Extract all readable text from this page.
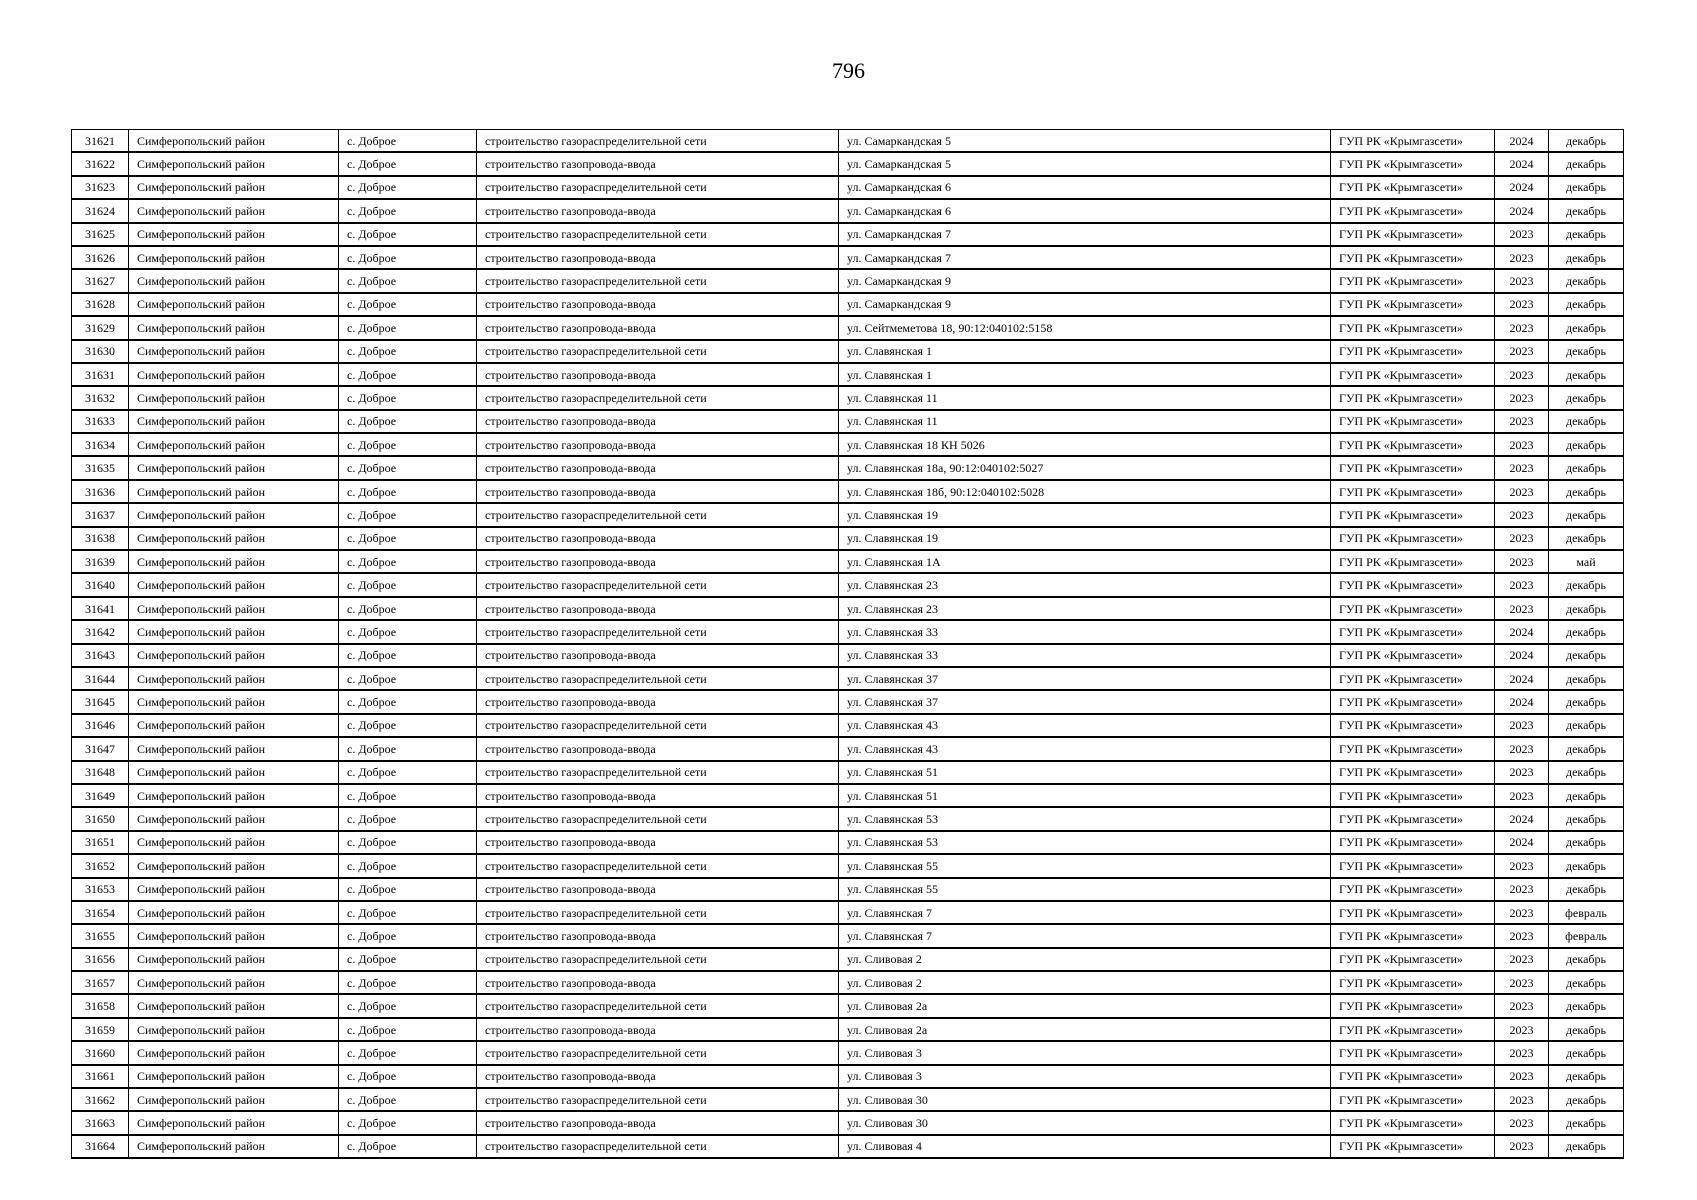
796
31621	Симферопольский район	с. Доброе	строительство газораспределительной сети	ул. Самаркандская 5	ГУП РК «Крымгазсети»	2024	декабрь
31622	Симферопольский район	с. Доброе	строительство газопровода-ввода	ул. Самаркандская 5	ГУП РК «Крымгазсети»	2024	декабрь
31623	Симферопольский район	с. Доброе	строительство газораспределительной сети	ул. Самаркандская 6	ГУП РК «Крымгазсети»	2024	декабрь
31624	Симферопольский район	с. Доброе	строительство газопровода-ввода	ул. Самаркандская 6	ГУП РК «Крымгазсети»	2024	декабрь
31625	Симферопольский район	с. Доброе	строительство газораспределительной сети	ул. Самаркандская 7	ГУП РК «Крымгазсети»	2023	декабрь
31626	Симферопольский район	с. Доброе	строительство газопровода-ввода	ул. Самаркандская 7	ГУП РК «Крымгазсети»	2023	декабрь
31627	Симферопольский район	с. Доброе	строительство газораспределительной сети	ул. Самаркандская 9	ГУП РК «Крымгазсети»	2023	декабрь
31628	Симферопольский район	с. Доброе	строительство газопровода-ввода	ул. Самаркандская 9	ГУП РК «Крымгазсети»	2023	декабрь
31629	Симферопольский район	с. Доброе	строительство газопровода-ввода	ул. Сейтмеметова 18, 90:12:040102:5158	ГУП РК «Крымгазсети»	2023	декабрь
31630	Симферопольский район	с. Доброе	строительство газораспределительной сети	ул. Славянская 1	ГУП РК «Крымгазсети»	2023	декабрь
31631	Симферопольский район	с. Доброе	строительство газопровода-ввода	ул. Славянская 1	ГУП РК «Крымгазсети»	2023	декабрь
31632	Симферопольский район	с. Доброе	строительство газораспределительной сети	ул. Славянская 11	ГУП РК «Крымгазсети»	2023	декабрь
31633	Симферопольский район	с. Доброе	строительство газопровода-ввода	ул. Славянская 11	ГУП РК «Крымгазсети»	2023	декабрь
31634	Симферопольский район	с. Доброе	строительство газопровода-ввода	ул. Славянская 18 КН 5026	ГУП РК «Крымгазсети»	2023	декабрь
31635	Симферопольский район	с. Доброе	строительство газопровода-ввода	ул. Славянская 18а, 90:12:040102:5027	ГУП РК «Крымгазсети»	2023	декабрь
31636	Симферопольский район	с. Доброе	строительство газопровода-ввода	ул. Славянская 18б, 90:12:040102:5028	ГУП РК «Крымгазсети»	2023	декабрь
31637	Симферопольский район	с. Доброе	строительство газораспределительной сети	ул. Славянская 19	ГУП РК «Крымгазсети»	2023	декабрь
31638	Симферопольский район	с. Доброе	строительство газопровода-ввода	ул. Славянская 19	ГУП РК «Крымгазсети»	2023	декабрь
31639	Симферопольский район	с. Доброе	строительство газопровода-ввода	ул. Славянская 1А	ГУП РК «Крымгазсети»	2023	май
31640	Симферопольский район	с. Доброе	строительство газораспределительной сети	ул. Славянская 23	ГУП РК «Крымгазсети»	2023	декабрь
31641	Симферопольский район	с. Доброе	строительство газопровода-ввода	ул. Славянская 23	ГУП РК «Крымгазсети»	2023	декабрь
31642	Симферопольский район	с. Доброе	строительство газораспределительной сети	ул. Славянская 33	ГУП РК «Крымгазсети»	2024	декабрь
31643	Симферопольский район	с. Доброе	строительство газопровода-ввода	ул. Славянская 33	ГУП РК «Крымгазсети»	2024	декабрь
31644	Симферопольский район	с. Доброе	строительство газораспределительной сети	ул. Славянская 37	ГУП РК «Крымгазсети»	2024	декабрь
31645	Симферопольский район	с. Доброе	строительство газопровода-ввода	ул. Славянская 37	ГУП РК «Крымгазсети»	2024	декабрь
31646	Симферопольский район	с. Доброе	строительство газораспределительной сети	ул. Славянская 43	ГУП РК «Крымгазсети»	2023	декабрь
31647	Симферопольский район	с. Доброе	строительство газопровода-ввода	ул. Славянская 43	ГУП РК «Крымгазсети»	2023	декабрь
31648	Симферопольский район	с. Доброе	строительство газораспределительной сети	ул. Славянская 51	ГУП РК «Крымгазсети»	2023	декабрь
31649	Симферопольский район	с. Доброе	строительство газопровода-ввода	ул. Славянская 51	ГУП РК «Крымгазсети»	2023	декабрь
31650	Симферопольский район	с. Доброе	строительство газораспределительной сети	ул. Славянская 53	ГУП РК «Крымгазсети»	2024	декабрь
31651	Симферопольский район	с. Доброе	строительство газопровода-ввода	ул. Славянская 53	ГУП РК «Крымгазсети»	2024	декабрь
31652	Симферопольский район	с. Доброе	строительство газораспределительной сети	ул. Славянская 55	ГУП РК «Крымгазсети»	2023	декабрь
31653	Симферопольский район	с. Доброе	строительство газопровода-ввода	ул. Славянская 55	ГУП РК «Крымгазсети»	2023	декабрь
31654	Симферопольский район	с. Доброе	строительство газораспределительной сети	ул. Славянская 7	ГУП РК «Крымгазсети»	2023	февраль
31655	Симферопольский район	с. Доброе	строительство газопровода-ввода	ул. Славянская 7	ГУП РК «Крымгазсети»	2023	февраль
31656	Симферопольский район	с. Доброе	строительство газораспределительной сети	ул. Сливовая 2	ГУП РК «Крымгазсети»	2023	декабрь
31657	Симферопольский район	с. Доброе	строительство газопровода-ввода	ул. Сливовая 2	ГУП РК «Крымгазсети»	2023	декабрь
31658	Симферопольский район	с. Доброе	строительство газораспределительной сети	ул. Сливовая 2а	ГУП РК «Крымгазсети»	2023	декабрь
31659	Симферопольский район	с. Доброе	строительство газопровода-ввода	ул. Сливовая 2а	ГУП РК «Крымгазсети»	2023	декабрь
31660	Симферопольский район	с. Доброе	строительство газораспределительной сети	ул. Сливовая 3	ГУП РК «Крымгазсети»	2023	декабрь
31661	Симферопольский район	с. Доброе	строительство газопровода-ввода	ул. Сливовая 3	ГУП РК «Крымгазсети»	2023	декабрь
31662	Симферопольский район	с. Доброе	строительство газораспределительной сети	ул. Сливовая 30	ГУП РК «Крымгазсети»	2023	декабрь
31663	Симферопольский район	с. Доброе	строительство газопровода-ввода	ул. Сливовая 30	ГУП РК «Крымгазсети»	2023	декабрь
31664	Симферопольский район	с. Доброе	строительство газораспределительной сети	ул. Сливовая 4	ГУП РК «Крымгазсети»	2023	декабрь
